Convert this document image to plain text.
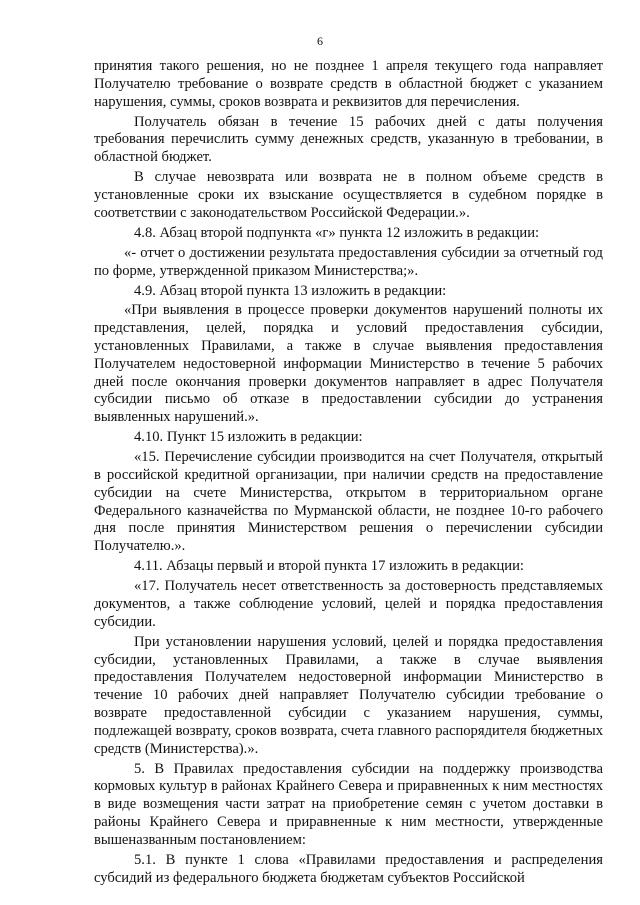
6

принятия такого решения, но не позднее 1 апреля текущего года направляет Получателю требование о возврате средств в областной бюджет с указанием нарушения, суммы, сроков возврата и реквизитов для перечисления.

Получатель обязан в течение 15 рабочих дней с даты получения требования перечислить сумму денежных средств, указанную в требовании, в областной бюджет.

В случае невозврата или возврата не в полном объеме средств в установленные сроки их взыскание осуществляется в судебном порядке в соответствии с законодательством Российской Федерации.».

4.8. Абзац второй подпункта «г» пункта 12 изложить в редакции:

«- отчет о достижении результата предоставления субсидии за отчетный год по форме, утвержденной приказом Министерства;».

4.9. Абзац второй пункта 13 изложить в редакции:

«При выявления в процессе проверки документов нарушений полноты их представления, целей, порядка и условий предоставления субсидии, установленных Правилами, а также в случае выявления предоставления Получателем недостоверной информации Министерство в течение 5 рабочих дней после окончания проверки документов направляет в адрес Получателя субсидии письмо об отказе в предоставлении субсидии до устранения выявленных нарушений.».

4.10. Пункт 15 изложить в редакции:

«15. Перечисление субсидии производится на счет Получателя, открытый в российской кредитной организации, при наличии средств на предоставление субсидии на счете Министерства, открытом в территориальном органе Федерального казначейства по Мурманской области, не позднее 10-го рабочего дня после принятия Министерством решения о перечислении субсидии Получателю.».

4.11. Абзацы первый и второй пункта 17 изложить в редакции:

«17. Получатель несет ответственность за достоверность представляемых документов, а также соблюдение условий, целей и порядка предоставления субсидии.

При установлении нарушения условий, целей и порядка предоставления субсидии, установленных Правилами, а также в случае выявления предоставления Получателем недостоверной информации Министерство в течение 10 рабочих дней направляет Получателю субсидии требование о возврате предоставленной субсидии с указанием нарушения, суммы, подлежащей возврату, сроков возврата, счета главного распорядителя бюджетных средств (Министерства).».

5. В Правилах предоставления субсидии на поддержку производства кормовых культур в районах Крайнего Севера и приравненных к ним местностях в виде возмещения части затрат на приобретение семян с учетом доставки в районы Крайнего Севера и приравненные к ним местности, утвержденные вышеназванным постановлением:

5.1. В пункте 1 слова «Правилами предоставления и распределения субсидий из федерального бюджета бюджетам субъектов Российской
